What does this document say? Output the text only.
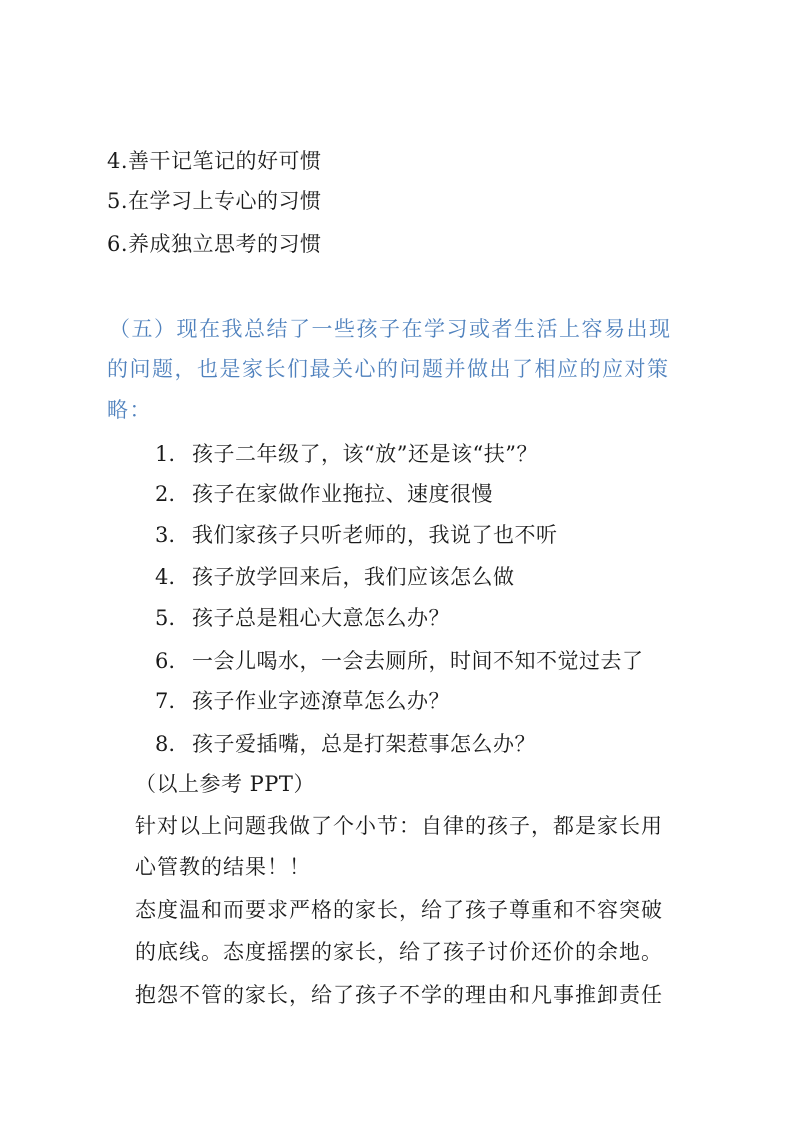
4.善干记笔记的好可惯
5.在学习上专心的习惯
6.养成独立思考的习惯
（五）现在我总结了一些孩子在学习或者生活上容易出现
的问题，也是家长们最关心的问题并做出了相应的应对策
略：
1. 孩子二年级了，该“放”还是该“扶”？
2. 孩子在家做作业拖拉、速度很慢
3. 我们家孩子只听老师的，我说了也不听
4. 孩子放学回来后，我们应该怎么做
5. 孩子总是粗心大意怎么办？
6. 一会儿喝水，一会去厕所，时间不知不觉过去了
7. 孩子作业字迹潦草怎么办？
8. 孩子爱插嘴，总是打架惹事怎么办？
（以上参考 PPT）
针对以上问题我做了个小节：自律的孩子，都是家长用
心管教的结果！！
态度温和而要求严格的家长，给了孩子尊重和不容突破
的底线。态度摇摆的家长，给了孩子讨价还价的余地。
抱怨不管的家长，给了孩子不学的理由和凡事推卸责任
